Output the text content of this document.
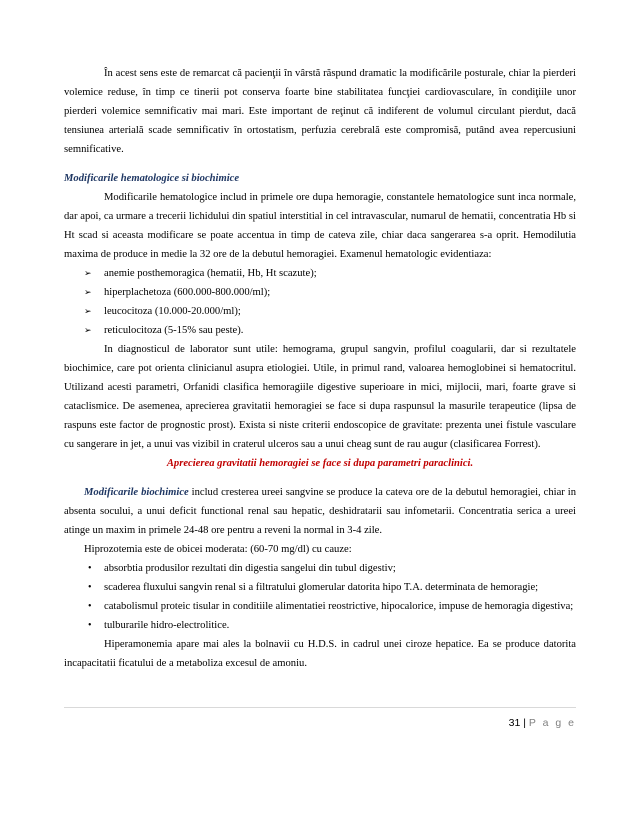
În acest sens este de remarcat că pacienţii în vârstă răspund dramatic la modificările posturale, chiar la pierderi volemice reduse, în timp ce tinerii pot conserva foarte bine stabilitatea funcţiei cardiovasculare, în condiţiile unor pierderi volemice semnificativ mai mari. Este important de reţinut că indiferent de volumul circulant pierdut, dacă tensiunea arterială scade semnificativ în ortostatism, perfuzia cerebrală este compromisă, putând avea repercusiuni semnificative.

Modificarile hematologice si biochimice

Modificarile hematologice includ in primele ore dupa hemoragie, constantele hematologice sunt inca normale, dar apoi, ca urmare a trecerii lichidului din spatiul interstitial in cel intravascular, numarul de hematii, concentratia Hb si Ht scad si aceasta modificare se poate accentua in timp de cateva zile, chiar daca sangerarea s-a oprit. Hemodilutia maxima de produce in medie la 32 ore de la debutul hemoragiei. Examenul hematologic evidentiaza:

➢ anemie posthemoragica (hematii, Hb, Ht scazute);
➢ hiperplachetoza (600.000-800.000/ml);
➢ leucocitoza (10.000-20.000/ml);
➢ reticulocitoza (5-15% sau peste).

In diagnosticul de laborator sunt utile: hemograma, grupul sangvin, profilul coagularii, dar si rezultatele biochimice, care pot orienta clinicianul asupra etiologiei. Utile, in primul rand, valoarea hemoglobinei si hematocritul. Utilizand acesti parametri, Orfanidi clasifica hemoragiile digestive superioare in mici, mijlocii, mari, foarte grave si cataclismice. De asemenea, aprecierea gravitatii hemoragiei se face si dupa raspunsul la masurile terapeutice (lipsa de raspuns este factor de prognostic prost). Exista si niste criterii endoscopice de gravitate: prezenta unei fistule vasculare cu sangerare in jet, a unui vas vizibil in craterul ulceros sau a unui cheag sunt de rau augur (clasificarea Forrest).

Aprecierea gravitatii hemoragiei se face si dupa parametri paraclinici.

Modificarile biochimice includ cresterea ureei sangvine se produce la cateva ore de la debutul hemoragiei, chiar in absenta socului, a unui deficit functional renal sau hepatic, deshidratarii sau infometarii. Concentratia serica a ureei atinge un maxim in primele 24-48 ore pentru a reveni la normal in 3-4 zile.

Hiprozotemia este de obicei moderata: (60-70 mg/dl) cu cauze:

• absorbtia produsilor rezultati din digestia sangelui din tubul digestiv;
• scaderea fluxului sangvin renal si a filtratului glomerular datorita hipo T.A. determinata de hemoragie;
• catabolismul proteic tisular in conditiile alimentatiei reostrictive, hipocalorice, impuse de hemoragia digestiva;
• tulburarile hidro-electrolitice.

Hiperamonemia apare mai ales la bolnavii cu H.D.S. in cadrul unei ciroze hepatice. Ea se produce datorita incapacitatii ficatului de a metaboliza excesul de amoniu.

31 | P a g e
